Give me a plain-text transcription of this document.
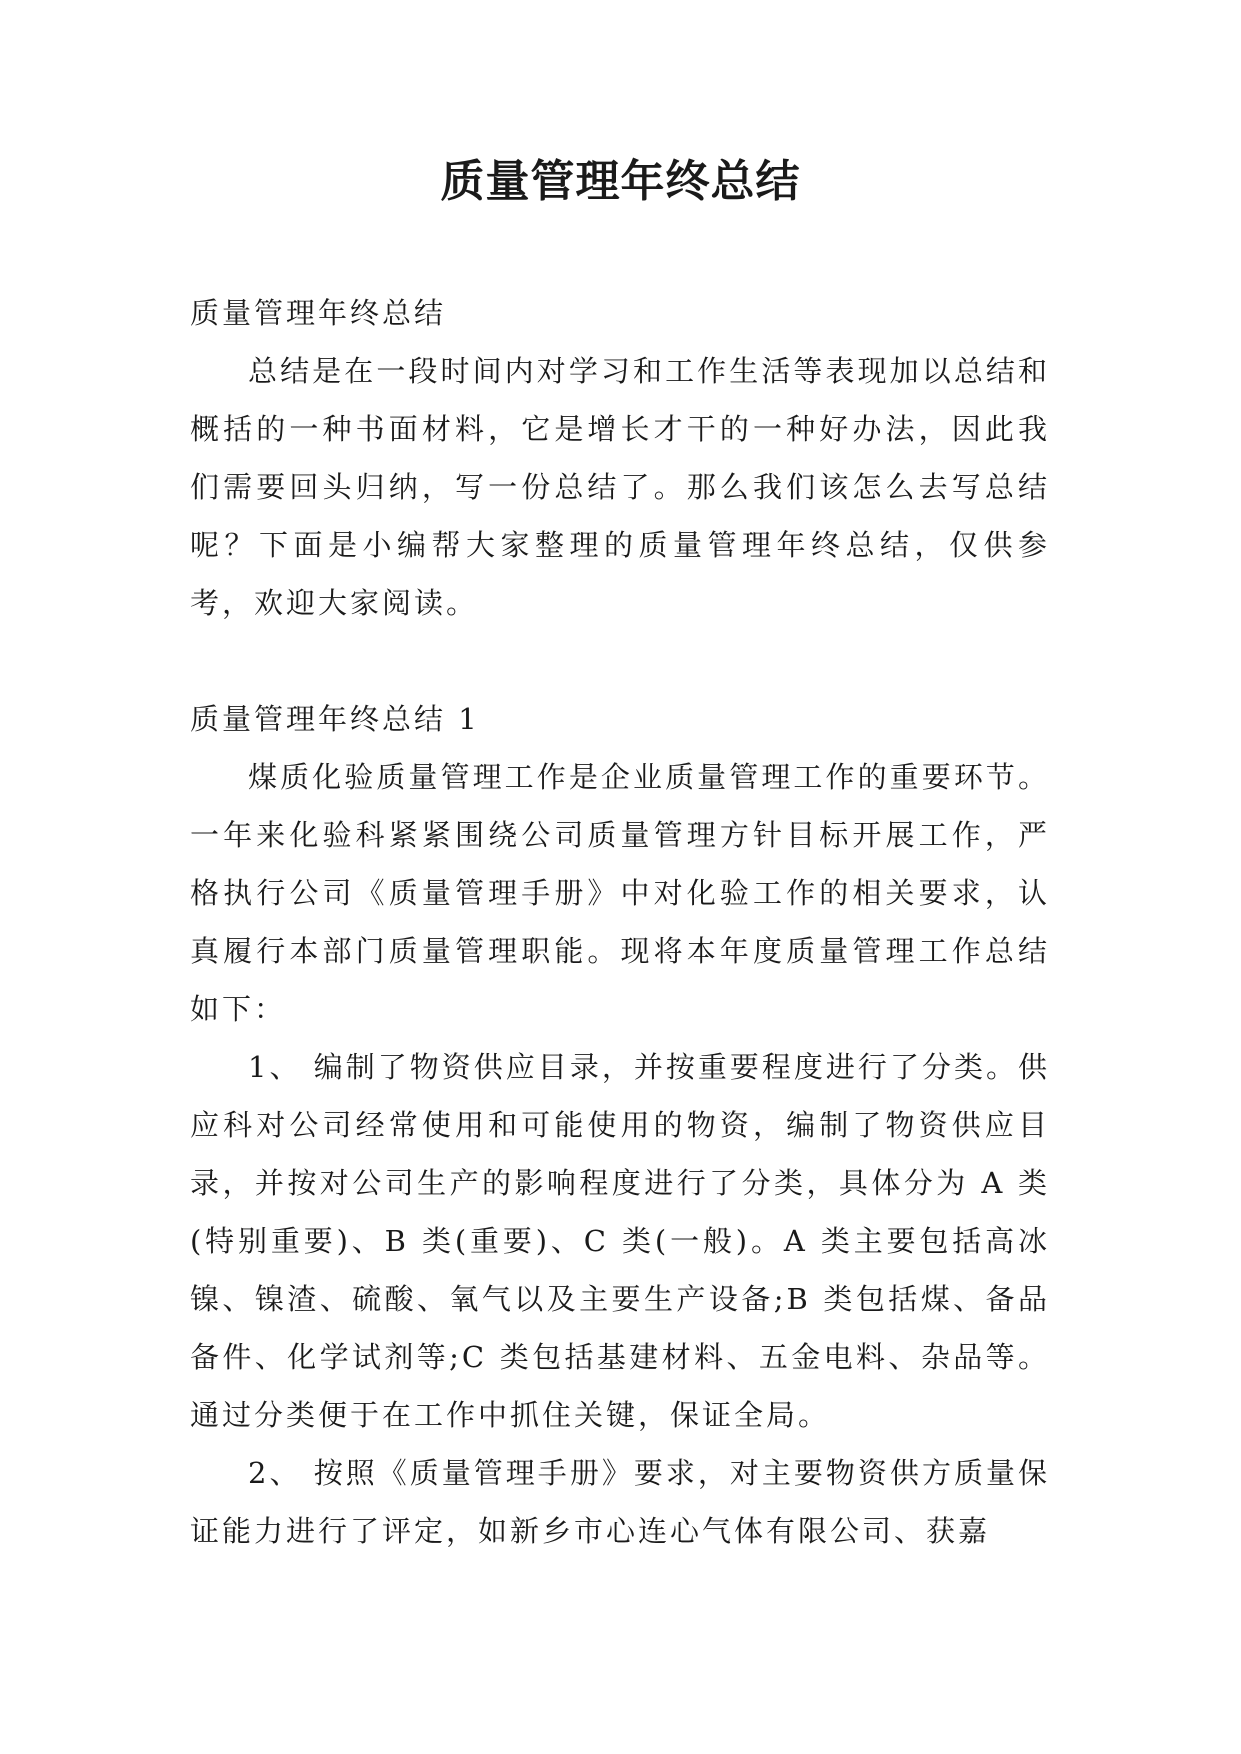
质量管理年终总结

质量管理年终总结

总结是在一段时间内对学习和工作生活等表现加以总结和概括的一种书面材料，它是增长才干的一种好办法，因此我们需要回头归纳，写一份总结了。那么我们该怎么去写总结呢？下面是小编帮大家整理的质量管理年终总结，仅供参考，欢迎大家阅读。

质量管理年终总结 1

煤质化验质量管理工作是企业质量管理工作的重要环节。一年来化验科紧紧围绕公司质量管理方针目标开展工作，严格执行公司《质量管理手册》中对化验工作的相关要求，认真履行本部门质量管理职能。现将本年度质量管理工作总结如下：

1、 编制了物资供应目录，并按重要程度进行了分类。供应科对公司经常使用和可能使用的物资，编制了物资供应目录，并按对公司生产的影响程度进行了分类，具体分为 A 类(特别重要)、B 类(重要)、C 类(一般)。A 类主要包括高冰镍、镍渣、硫酸、氧气以及主要生产设备;B 类包括煤、备品备件、化学试剂等;C 类包括基建材料、五金电料、杂品等。通过分类便于在工作中抓住关键，保证全局。

2、 按照《质量管理手册》要求，对主要物资供方质量保证能力进行了评定，如新乡市心连心气体有限公司、获嘉
